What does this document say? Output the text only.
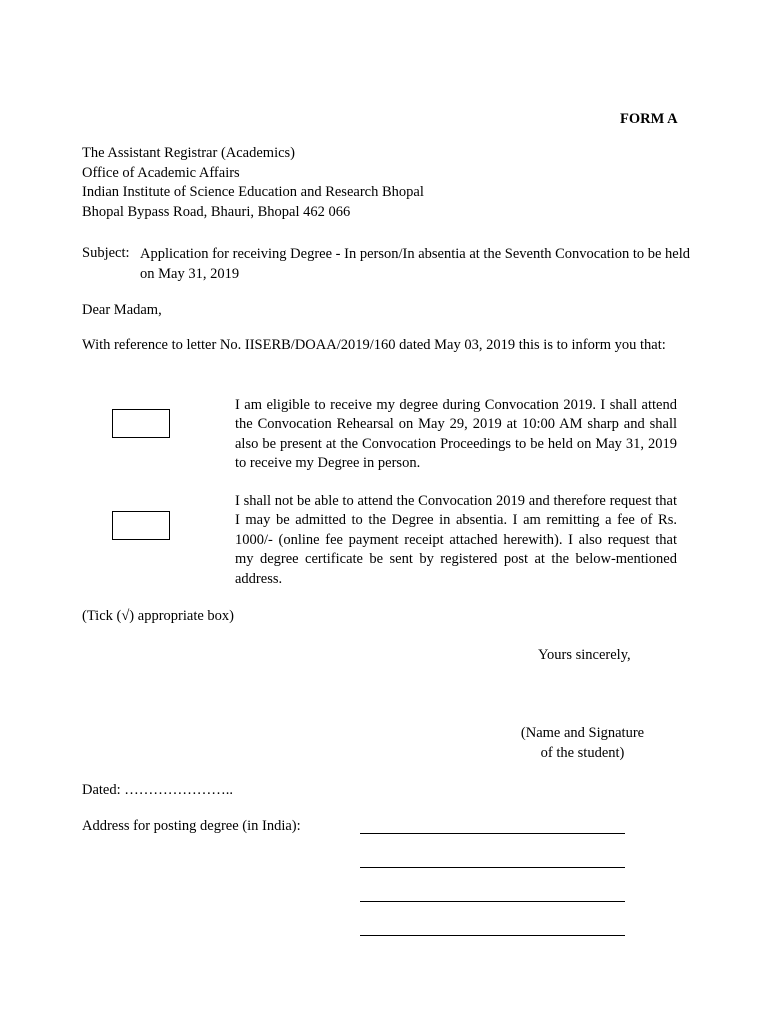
FORM A
The Assistant Registrar (Academics)
Office of Academic Affairs
Indian Institute of Science Education and Research Bhopal
Bhopal Bypass Road, Bhauri, Bhopal 462 066
Subject: Application for receiving Degree - In person/In absentia at the Seventh Convocation to be held on May 31, 2019
Dear Madam,
With reference to letter No. IISERB/DOAA/2019/160 dated May 03, 2019 this is to inform you that:
I am eligible to receive my degree during Convocation 2019. I shall attend the Convocation Rehearsal on May 29, 2019 at 10:00 AM sharp and shall also be present at the Convocation Proceedings to be held on May 31, 2019 to receive my Degree in person.
I shall not be able to attend the Convocation 2019 and therefore request that I may be admitted to the Degree in absentia. I am remitting a fee of Rs. 1000/- (online fee payment receipt attached herewith). I also request that my degree certificate be sent by registered post at the below-mentioned address.
(Tick (√) appropriate box)
Yours sincerely,
(Name and Signature
of the student)
Dated: …………………..
Address for posting degree (in India):
